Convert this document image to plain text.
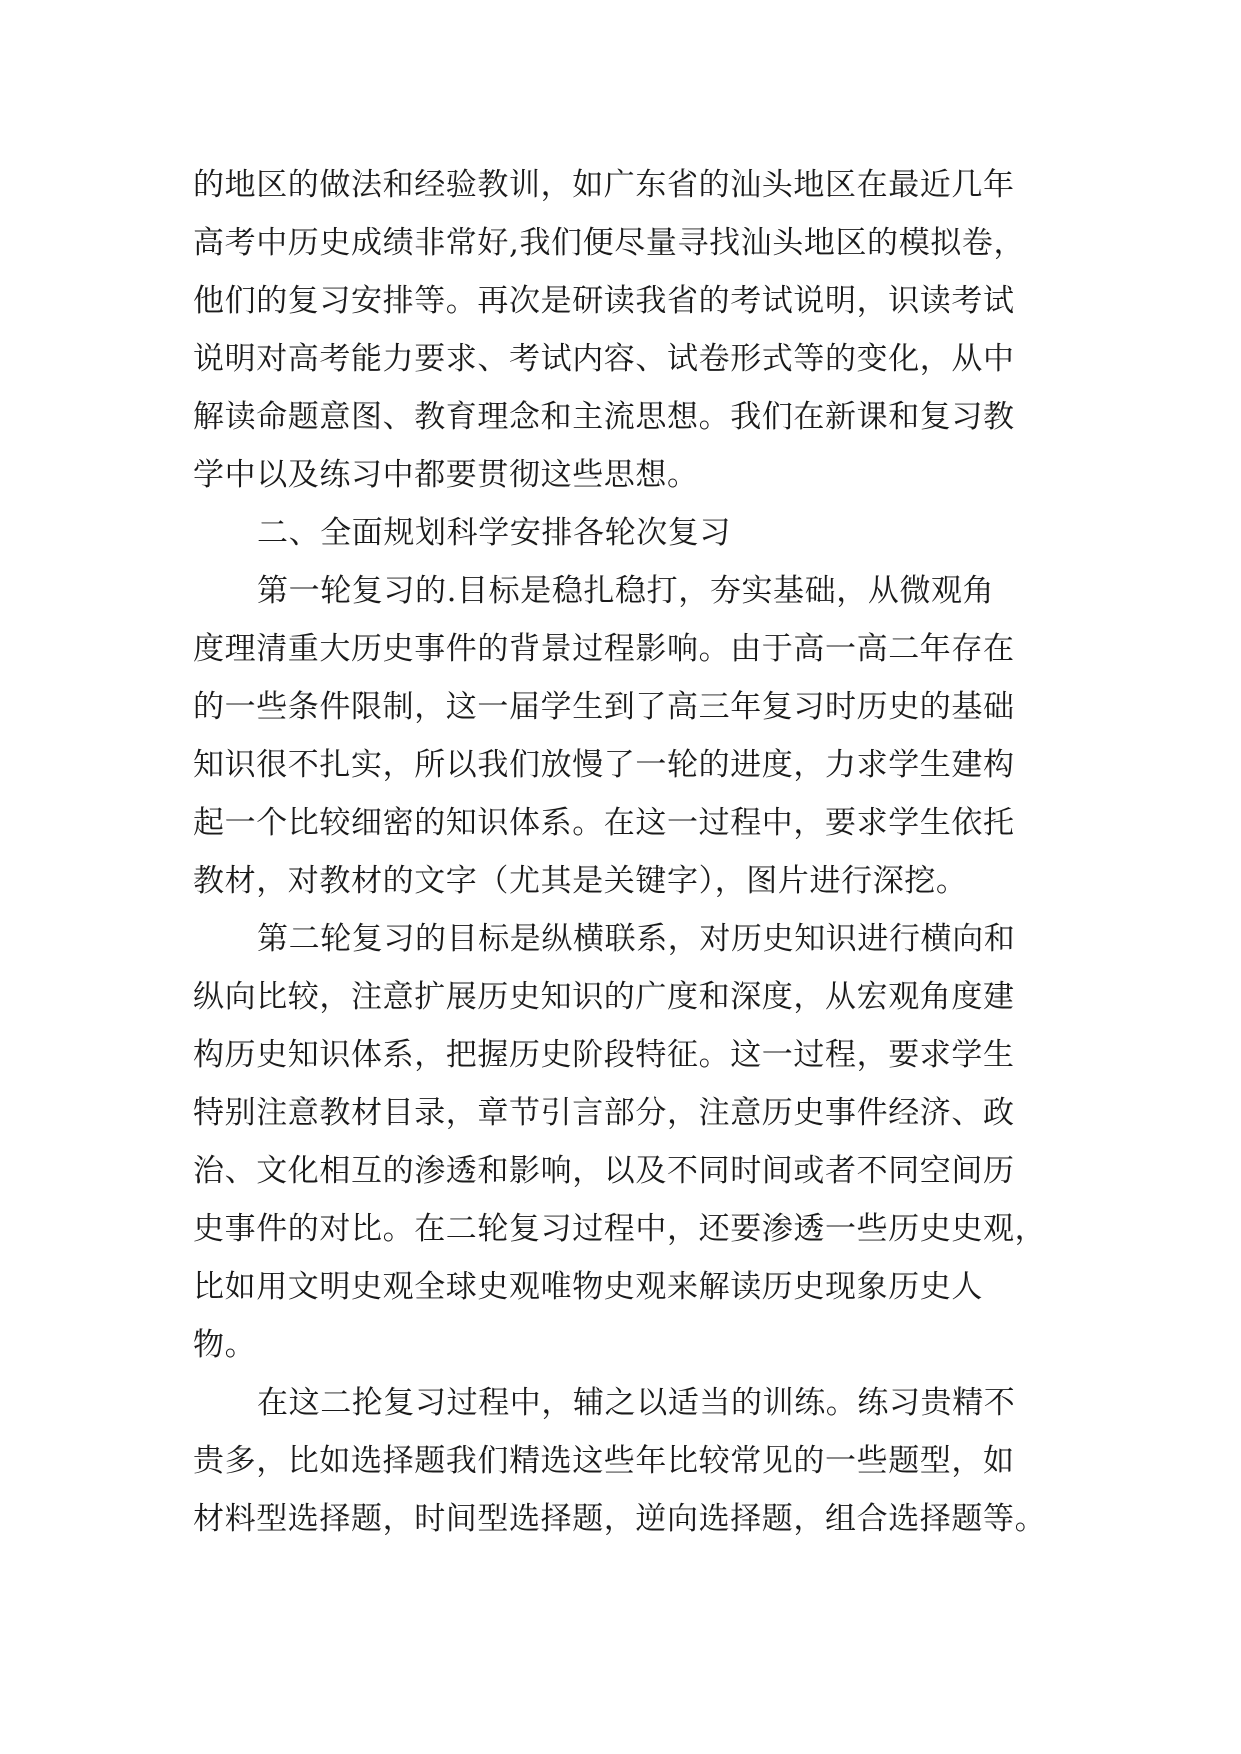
的地区的做法和经验教训，如广东省的汕头地区在最近几年
高考中历史成绩非常好,我们便尽量寻找汕头地区的模拟卷，
他们的复习安排等。再次是研读我省的考试说明，识读考试
说明对高考能力要求、考试内容、试卷形式等的变化，从中
解读命题意图、教育理念和主流思想。我们在新课和复习教
学中以及练习中都要贯彻这些思想。
二、全面规划科学安排各轮次复习
第一轮复习的.目标是稳扎稳打，夯实基础，从微观角
度理清重大历史事件的背景过程影响。由于高一高二年存在
的一些条件限制，这一届学生到了高三年复习时历史的基础
知识很不扎实，所以我们放慢了一轮的进度，力求学生建构
起一个比较细密的知识体系。在这一过程中，要求学生依托
教材，对教材的文字（尤其是关键字），图片进行深挖。
第二轮复习的目标是纵横联系，对历史知识进行横向和
纵向比较，注意扩展历史知识的广度和深度，从宏观角度建
构历史知识体系，把握历史阶段特征。这一过程，要求学生
特别注意教材目录，章节引言部分，注意历史事件经济、政
治、文化相互的渗透和影响，以及不同时间或者不同空间历
史事件的对比。在二轮复习过程中，还要渗透一些历史史观，
比如用文明史观全球史观唯物史观来解读历史现象历史人
物。
在这二抡复习过程中，辅之以适当的训练。练习贵精不
贵多，比如选择题我们精选这些年比较常见的一些题型，如
材料型选择题，时间型选择题，逆向选择题，组合选择题等。
